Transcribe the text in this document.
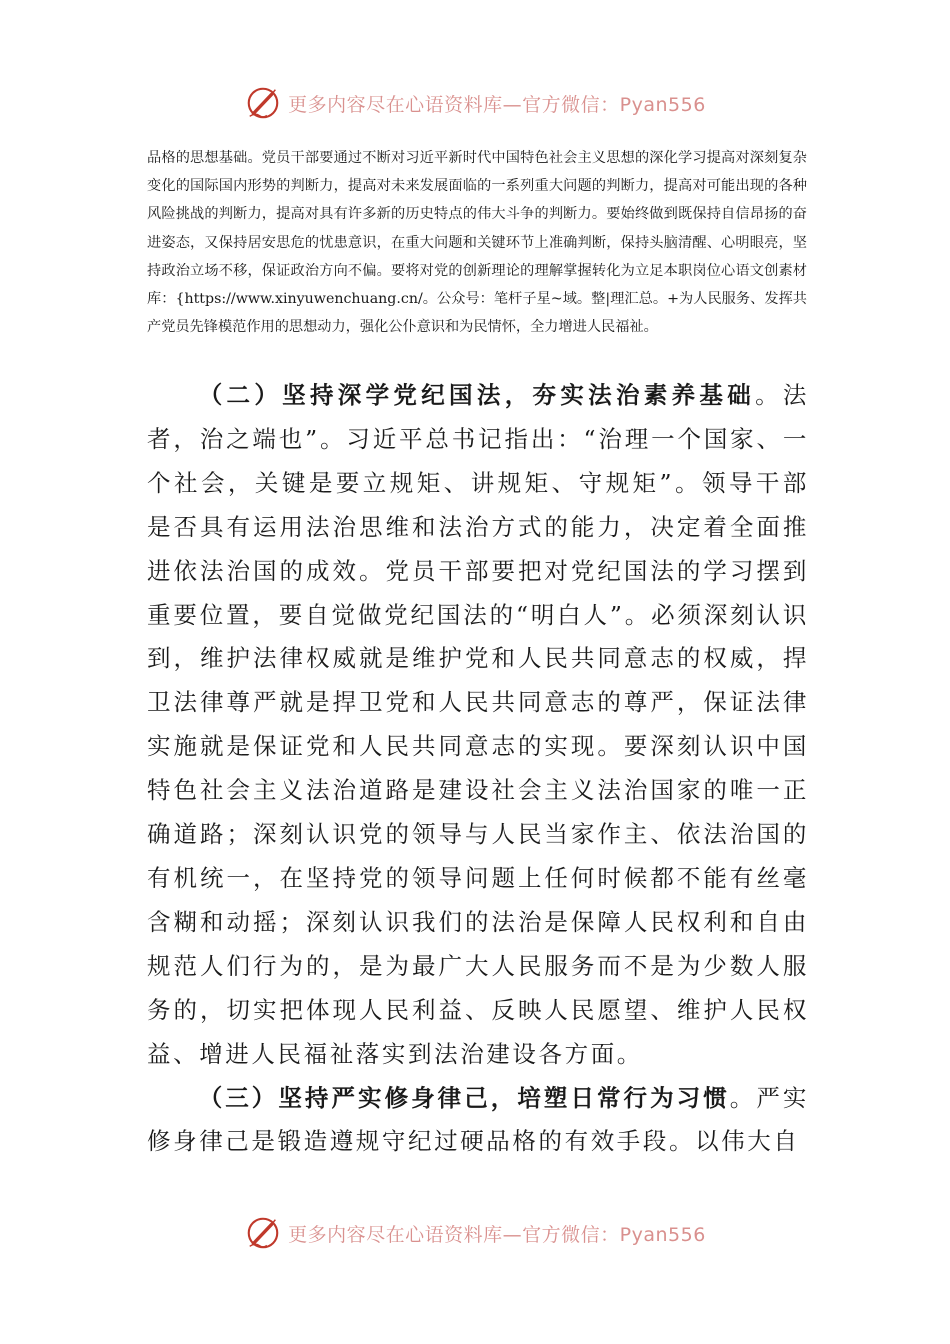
更多内容尽在心语资料库—官方微信：Pyan556

品格的思想基础。党员干部要通过不断对习近平新时代中国特色社会主义思想的深化学习提高对深刻复杂变化的国际国内形势的判断力，提高对未来发展面临的一系列重大问题的判断力，提高对可能出现的各种风险挑战的判断力，提高对具有许多新的历史特点的伟大斗争的判断力。要始终做到既保持自信昂扬的奋进姿态，又保持居安思危的忧患意识，在重大问题和关键环节上准确判断，保持头脑清醒、心明眼亮，坚持政治立场不移，保证政治方向不偏。要将对党的创新理论的理解掌握转化为立足本职岗位心语文创素材库：{https://www.xinyuwenchuang.cn/。公众号：笔杆子星~域。整|理汇总。+为人民服务、发挥共产党员先锋模范作用的思想动力，强化公仆意识和为民情怀，全力增进人民福祉。

（二）坚持深学党纪国法，夯实法治素养基础。法者，治之端也”。习近平总书记指出：“治理一个国家、一个社会，关键是要立规矩、讲规矩、守规矩”。领导干部是否具有运用法治思维和法治方式的能力，决定着全面推进依法治国的成效。党员干部要把对党纪国法的学习摆到重要位置，要自觉做党纪国法的“明白人”。必须深刻认识到，维护法律权威就是维护党和人民共同意志的权威，捍卫法律尊严就是捍卫党和人民共同意志的尊严，保证法律实施就是保证党和人民共同意志的实现。要深刻认识中国特色社会主义法治道路是建设社会主义法治国家的唯一正确道路；深刻认识党的领导与人民当家作主、依法治国的有机统一，在坚持党的领导问题上任何时候都不能有丝毫含糊和动摇；深刻认识我们的法治是保障人民权利和自由规范人们行为的，是为最广大人民服务而不是为少数人服务的，切实把体现人民利益、反映人民愿望、维护人民权益、增进人民福祉落实到法治建设各方面。

（三）坚持严实修身律己，培塑日常行为习惯。严实修身律己是锻造遵规守纪过硬品格的有效手段。以伟大自

更多内容尽在心语资料库—官方微信：Pyan556
